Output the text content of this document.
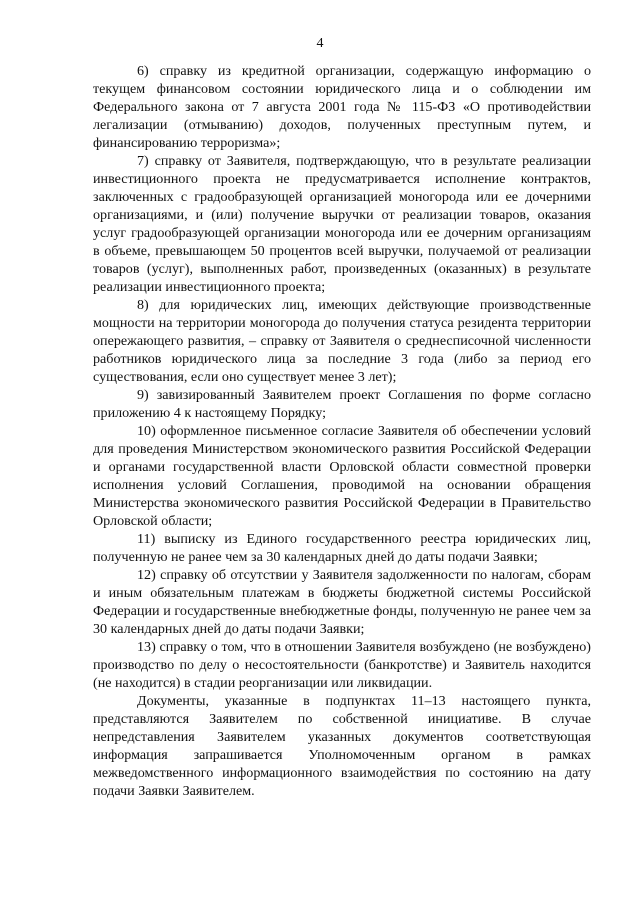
4

6) справку из кредитной организации, содержащую информацию о текущем финансовом состоянии юридического лица и о соблюдении им Федерального закона от 7 августа 2001 года № 115-ФЗ «О противодействии легализации (отмыванию) доходов, полученных преступным путем, и финансированию терроризма»;

7) справку от Заявителя, подтверждающую, что в результате реализации инвестиционного проекта не предусматривается исполнение контрактов, заключенных с градообразующей организацией моногорода или ее дочерними организациями, и (или) получение выручки от реализации товаров, оказания услуг градообразующей организации моногорода или ее дочерним организациям в объеме, превышающем 50 процентов всей выручки, получаемой от реализации товаров (услуг), выполненных работ, произведенных (оказанных) в результате реализации инвестиционного проекта;

8) для юридических лиц, имеющих действующие производственные мощности на территории моногорода до получения статуса резидента территории опережающего развития, – справку от Заявителя о среднесписочной численности работников юридического лица за последние 3 года (либо за период его существования, если оно существует менее 3 лет);

9) завизированный Заявителем проект Соглашения по форме согласно приложению 4 к настоящему Порядку;

10) оформленное письменное согласие Заявителя об обеспечении условий для проведения Министерством экономического развития Российской Федерации и органами государственной власти Орловской области совместной проверки исполнения условий Соглашения, проводимой на основании обращения Министерства экономического развития Российской Федерации в Правительство Орловской области;

11) выписку из Единого государственного реестра юридических лиц, полученную не ранее чем за 30 календарных дней до даты подачи Заявки;

12) справку об отсутствии у Заявителя задолженности по налогам, сборам и иным обязательным платежам в бюджеты бюджетной системы Российской Федерации и государственные внебюджетные фонды, полученную не ранее чем за 30 календарных дней до даты подачи Заявки;

13) справку о том, что в отношении Заявителя возбуждено (не возбуждено) производство по делу о несостоятельности (банкротстве) и Заявитель находится (не находится) в стадии реорганизации или ликвидации.

Документы, указанные в подпунктах 11–13 настоящего пункта, представляются Заявителем по собственной инициативе. В случае непредставления Заявителем указанных документов соответствующая информация запрашивается Уполномоченным органом в рамках межведомственного информационного взаимодействия по состоянию на дату подачи Заявки Заявителем.
